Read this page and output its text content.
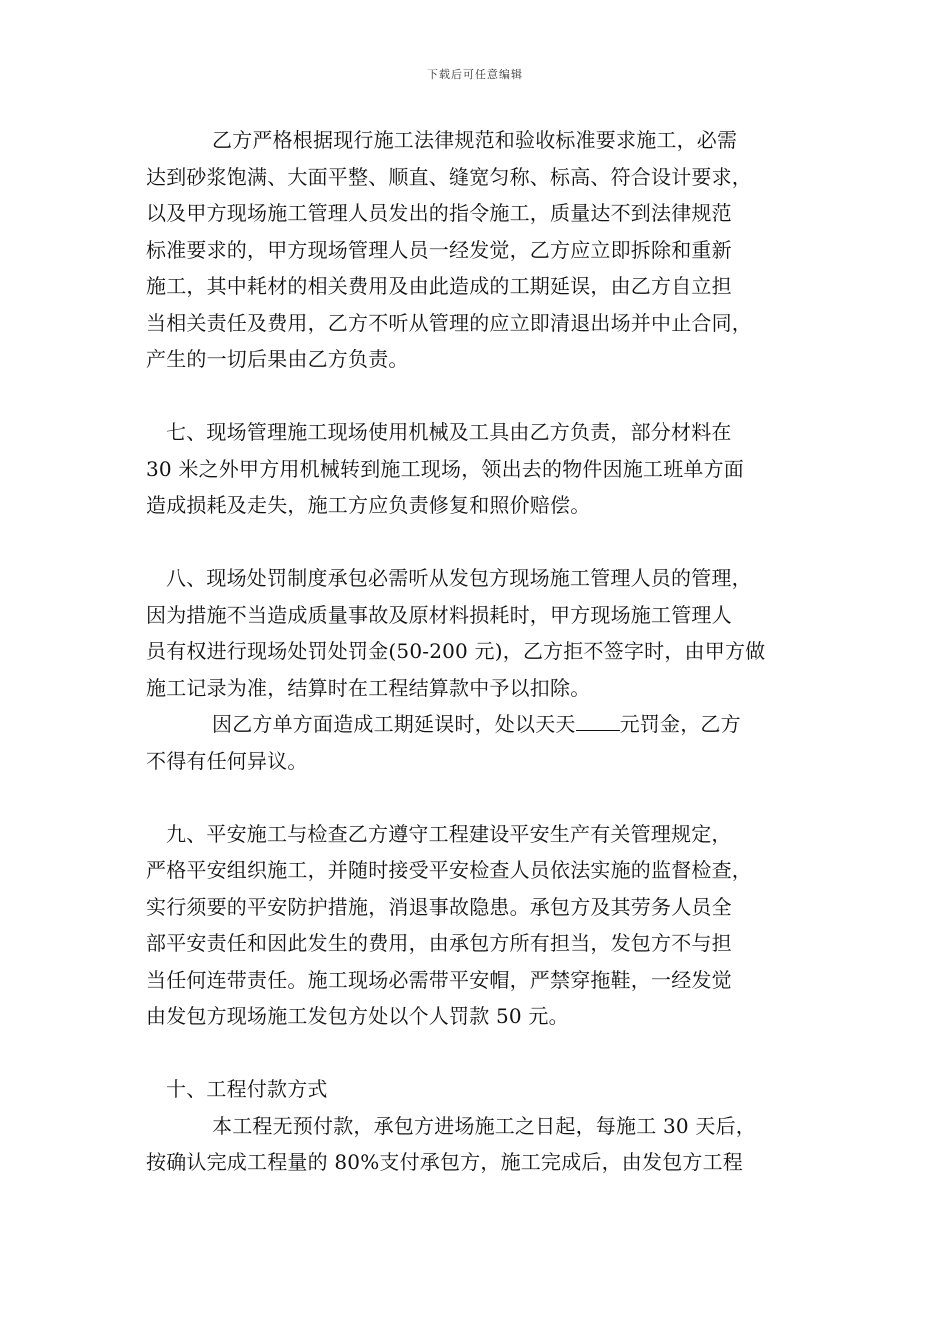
下载后可任意编辑
乙方严格根据现行施工法律规范和验收标准要求施工，必需
达到砂浆饱满、大面平整、顺直、缝宽匀称、标高、符合设计要求，
以及甲方现场施工管理人员发出的指令施工，质量达不到法律规范
标准要求的，甲方现场管理人员一经发觉，乙方应立即拆除和重新
施工，其中耗材的相关费用及由此造成的工期延误，由乙方自立担
当相关责任及费用，乙方不听从管理的应立即清退出场并中止合同，
产生的一切后果由乙方负责。
七、现场管理施工现场使用机械及工具由乙方负责，部分材料在
30 米之外甲方用机械转到施工现场，领出去的物件因施工班单方面
造成损耗及走失，施工方应负责修复和照价赔偿。
八、现场处罚制度承包必需听从发包方现场施工管理人员的管理，
因为措施不当造成质量事故及原材料损耗时，甲方现场施工管理人
员有权进行现场处罚处罚金(50-200 元)，乙方拒不签字时，由甲方做
施工记录为准，结算时在工程结算款中予以扣除。
因乙方单方面造成工期延误时，处以天天 元罚金，乙方
不得有任何异议。
九、平安施工与检查乙方遵守工程建设平安生产有关管理规定，
严格平安组织施工，并随时接受平安检查人员依法实施的监督检查，
实行须要的平安防护措施，消退事故隐患。承包方及其劳务人员全
部平安责任和因此发生的费用，由承包方所有担当，发包方不与担
当任何连带责任。施工现场必需带平安帽，严禁穿拖鞋，一经发觉
由发包方现场施工发包方处以个人罚款 50 元。
十、工程付款方式
本工程无预付款，承包方进场施工之日起，每施工 30 天后，
按确认完成工程量的 80%支付承包方，施工完成后，由发包方工程
